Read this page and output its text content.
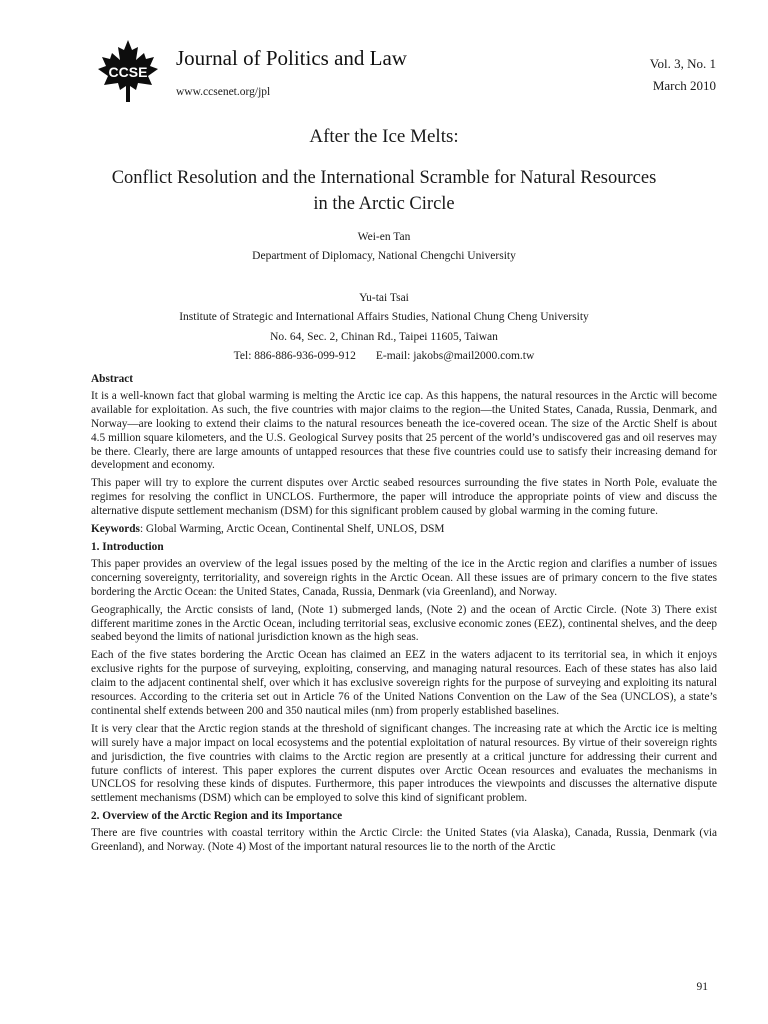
CCSE
Journal of Politics and Law
www.ccsenet.org/jpl
Vol. 3, No. 1
March 2010
After the Ice Melts:
Conflict Resolution and the International Scramble for Natural Resources
in the Arctic Circle
Wei-en Tan
Department of Diplomacy, National Chengchi University
Yu-tai Tsai
Institute of Strategic and International Affairs Studies, National Chung Cheng University
No. 64, Sec. 2, Chinan Rd., Taipei 11605, Taiwan
Tel: 886-886-936-099-912 E-mail: jakobs@mail2000.com.tw
Abstract
It is a well-known fact that global warming is melting the Arctic ice cap. As this happens, the natural resources in the Arctic will become available for exploitation. As such, the five countries with major claims to the region—the United States, Canada, Russia, Denmark, and Norway—are looking to extend their claims to the natural resources beneath the ice-covered ocean. The size of the Arctic Shelf is about 4.5 million square kilometers, and the U.S. Geological Survey posits that 25 percent of the world’s undiscovered gas and oil reserves may be there. Clearly, there are large amounts of untapped resources that these five countries could use to satisfy their increasing demand for development and economy.
This paper will try to explore the current disputes over Arctic seabed resources surrounding the five states in North Pole, evaluate the regimes for resolving the conflict in UNCLOS. Furthermore, the paper will introduce the appropriate points of view and discuss the alternative dispute settlement mechanism (DSM) for this significant problem caused by global warming in the coming future.
Keywords: Global Warming, Arctic Ocean, Continental Shelf, UNLOS, DSM
1. Introduction
This paper provides an overview of the legal issues posed by the melting of the ice in the Arctic region and clarifies a number of issues concerning sovereignty, territoriality, and sovereign rights in the Arctic Ocean. All these issues are of primary concern to the five states bordering the Arctic Ocean: the United States, Canada, Russia, Denmark (via Greenland), and Norway.
Geographically, the Arctic consists of land, (Note 1) submerged lands, (Note 2) and the ocean of Arctic Circle. (Note 3) There exist different maritime zones in the Arctic Ocean, including territorial seas, exclusive economic zones (EEZ), continental shelves, and the deep seabed beyond the limits of national jurisdiction known as the high seas.
Each of the five states bordering the Arctic Ocean has claimed an EEZ in the waters adjacent to its territorial sea, in which it enjoys exclusive rights for the purpose of surveying, exploiting, conserving, and managing natural resources. Each of these states has also laid claim to the adjacent continental shelf, over which it has exclusive sovereign rights for the purpose of surveying and exploiting its natural resources. According to the criteria set out in Article 76 of the United Nations Convention on the Law of the Sea (UNCLOS), a state’s continental shelf extends between 200 and 350 nautical miles (nm) from properly established baselines.
It is very clear that the Arctic region stands at the threshold of significant changes. The increasing rate at which the Arctic ice is melting will surely have a major impact on local ecosystems and the potential exploitation of natural resources. By virtue of their sovereign rights and jurisdiction, the five countries with claims to the Arctic region are presently at a critical juncture for addressing their current and future conflicts of interest. This paper explores the current disputes over Arctic Ocean resources and evaluates the mechanisms in UNCLOS for resolving these kinds of disputes. Furthermore, this paper introduces the viewpoints and discusses the alternative dispute settlement mechanisms (DSM) which can be employed to solve this kind of significant problem.
2. Overview of the Arctic Region and its Importance
There are five countries with coastal territory within the Arctic Circle: the United States (via Alaska), Canada, Russia, Denmark (via Greenland), and Norway. (Note 4) Most of the important natural resources lie to the north of the Arctic
91
